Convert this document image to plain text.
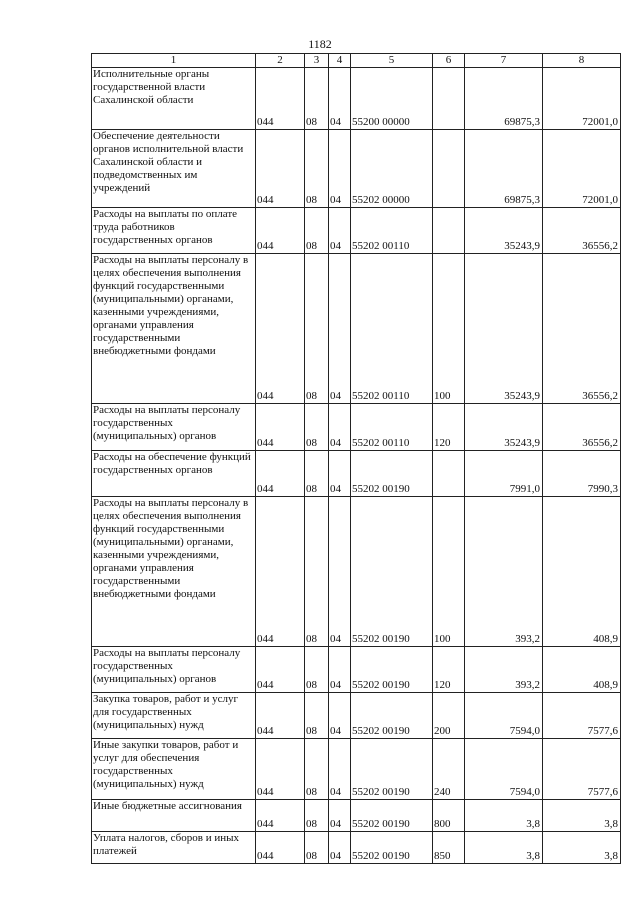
1182
1	2	3	4	5	6	7	8
Исполнительные органы государственной власти Сахалинской области	044	08	04	55200 00000		69875,3	72001,0
Обеспечение деятельности органов исполнительной власти Сахалинской области и подведомственных им учреждений	044	08	04	55202 00000		69875,3	72001,0
Расходы на выплаты по оплате труда работников государственных органов	044	08	04	55202 00110		35243,9	36556,2
Расходы на выплаты персоналу в целях обеспечения выполнения функций государственными (муниципальными) органами, казенными учреждениями, органами управления государственными внебюджетными фондами	044	08	04	55202 00110	100	35243,9	36556,2
Расходы на выплаты персоналу государственных (муниципальных) органов	044	08	04	55202 00110	120	35243,9	36556,2
Расходы на обеспечение функций государственных органов	044	08	04	55202 00190		7991,0	7990,3
Расходы на выплаты персоналу в целях обеспечения выполнения функций государственными (муниципальными) органами, казенными учреждениями, органами управления государственными внебюджетными фондами	044	08	04	55202 00190	100	393,2	408,9
Расходы на выплаты персоналу государственных (муниципальных) органов	044	08	04	55202 00190	120	393,2	408,9
Закупка товаров, работ и услуг для государственных (муниципальных) нужд	044	08	04	55202 00190	200	7594,0	7577,6
Иные закупки товаров, работ и услуг для обеспечения государственных (муниципальных) нужд	044	08	04	55202 00190	240	7594,0	7577,6
Иные бюджетные ассигнования	044	08	04	55202 00190	800	3,8	3,8
Уплата налогов, сборов и иных платежей	044	08	04	55202 00190	850	3,8	3,8
